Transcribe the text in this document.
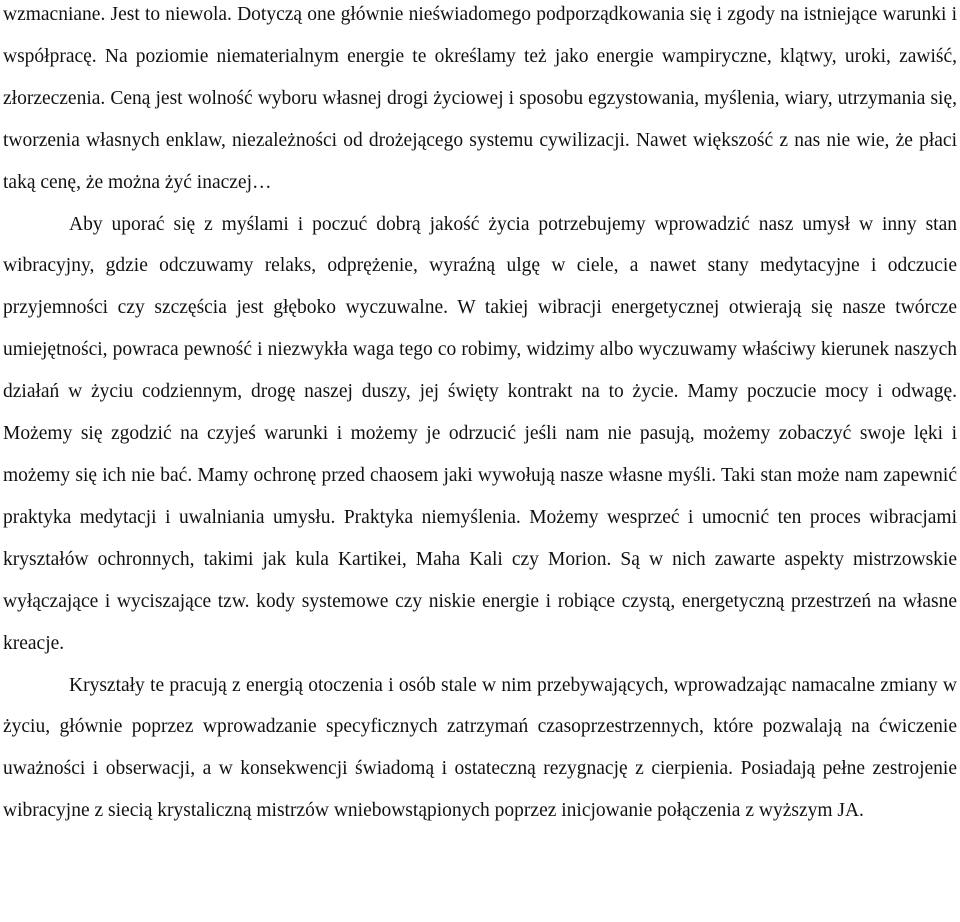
wzmacniane. Jest to niewola. Dotyczą one głównie nieświadomego podporządkowania się i zgody na istniejące warunki i współpracę. Na poziomie niematerialnym energie te określamy też jako energie wampiryczne, klątwy, uroki, zawiść, złorzeczenia. Ceną jest wolność wyboru własnej drogi życiowej i sposobu egzystowania, myślenia, wiary, utrzymania się, tworzenia własnych enklaw, niezależności od drożejącego systemu cywilizacji. Nawet większość z nas nie wie, że płaci taką cenę, że można żyć inaczej…

Aby uporać się z myślami i poczuć dobrą jakość życia potrzebujemy wprowadzić nasz umysł w inny stan wibracyjny, gdzie odczuwamy relaks, odprężenie, wyraźną ulgę w ciele, a nawet stany medytacyjne i odczucie przyjemności czy szczęścia jest głęboko wyczuwalne. W takiej wibracji energetycznej otwierają się nasze twórcze umiejętności, powraca pewność i niezwykła waga tego co robimy, widzimy albo wyczuwamy właściwy kierunek naszych działań w życiu codziennym, drogę naszej duszy, jej święty kontrakt na to życie. Mamy poczucie mocy i odwagę. Możemy się zgodzić na czyjeś warunki i możemy je odrzucić jeśli nam nie pasują, możemy zobaczyć swoje lęki i możemy się ich nie bać. Mamy ochronę przed chaosem jaki wywołują nasze własne myśli. Taki stan może nam zapewnić praktyka medytacji i uwalniania umysłu. Praktyka niemyślenia. Możemy wesprzeć i umocnić ten proces wibracjami kryształów ochronnych, takimi jak kula Kartikei, Maha Kali czy Morion. Są w nich zawarte aspekty mistrzowskie wyłączające i wyciszające tzw. kody systemowe czy niskie energie i robiące czystą, energetyczną przestrzeń na własne kreacje.

Kryształy te pracują z energią otoczenia i osób stale w nim przebywających, wprowadzając namacalne zmiany w życiu, głównie poprzez wprowadzanie specyficznych zatrzymań czasoprzestrzennych, które pozwalają na ćwiczenie uważności i obserwacji, a w konsekwencji świadomą i ostateczną rezygnację z cierpienia. Posiadają pełne zestrojenie wibracyjne z siecią krystaliczną mistrzów wniebowstąpionych poprzez inicjowanie połączenia z wyższym JA.
